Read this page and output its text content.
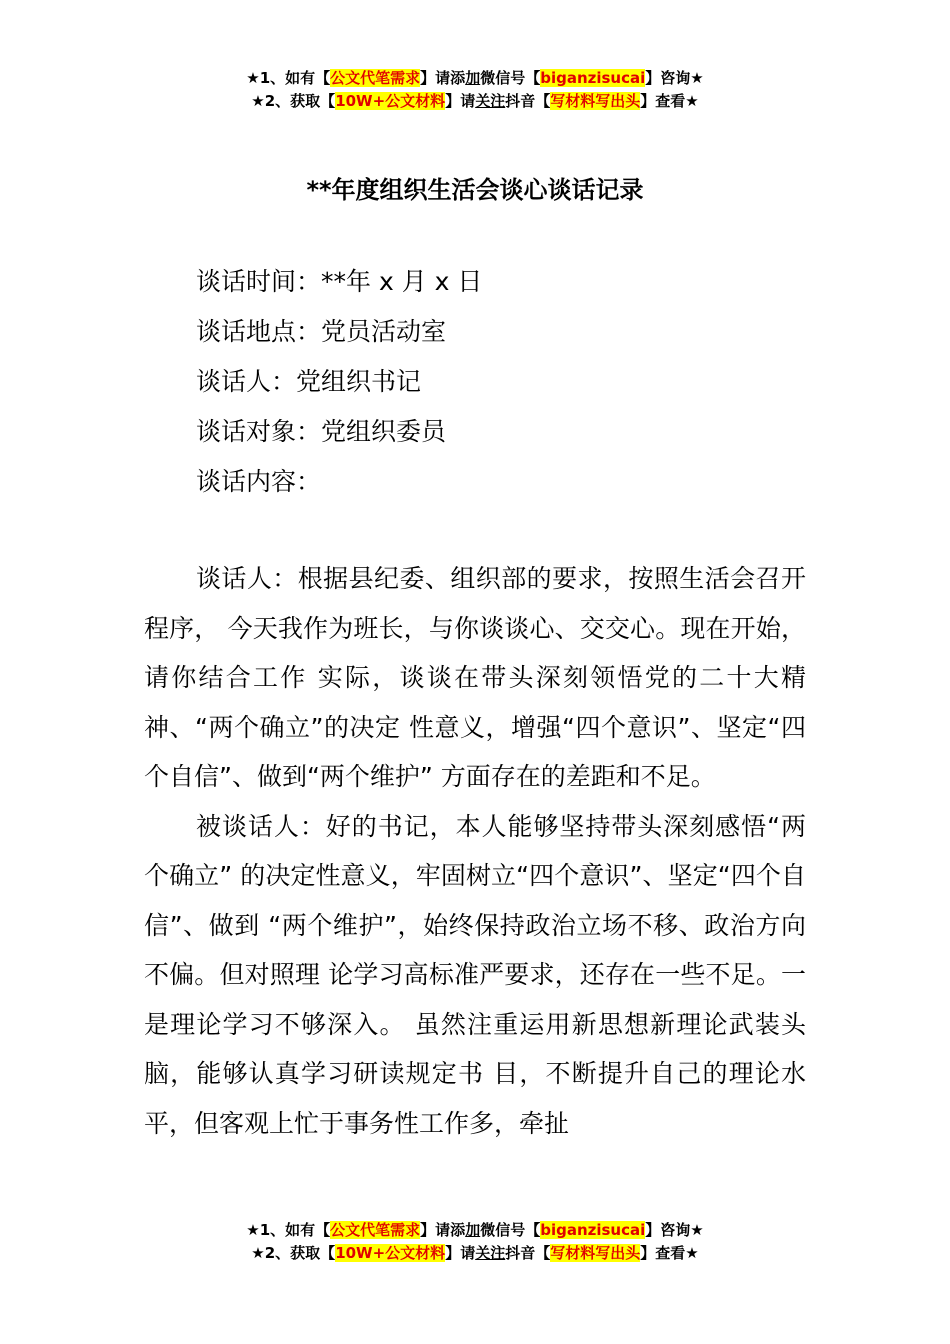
★1、如有【公文代笔需求】请添加微信号【biganzisucai】咨询★
★2、获取【10W+公文材料】请关注抖音【写材料写出头】查看★
**年度组织生活会谈心谈话记录
谈话时间：**年 x 月 x 日
谈话地点：党员活动室
谈话人：党组织书记
谈话对象：党组织委员
谈话内容：

谈话人：根据县纪委、组织部的要求，按照生活会召开程序， 今天我作为班长，与你谈谈心、交交心。现在开始，请你结合工作 实际，谈谈在带头深刻领悟党的二十大精神、“两个确立”的决定 性意义，增强“四个意识”、坚定“四个自信”、做到“两个维护” 方面存在的差距和不足。

被谈话人：好的书记，本人能够坚持带头深刻感悟“两个确立” 的决定性意义，牢固树立“四个意识”、坚定“四个自信”、做到 “两个维护”，始终保持政治立场不移、政治方向不偏。但对照理 论学习高标准严要求，还存在一些不足。一是理论学习不够深入。 虽然注重运用新思想新理论武装头脑，能够认真学习研读规定书 目，不断提升自己的理论水平，但客观上忙于事务性工作多，牵扯

★1、如有【公文代笔需求】请添加微信号【biganzisucai】咨询★
★2、获取【10W+公文材料】请关注抖音【写材料写出头】查看★
